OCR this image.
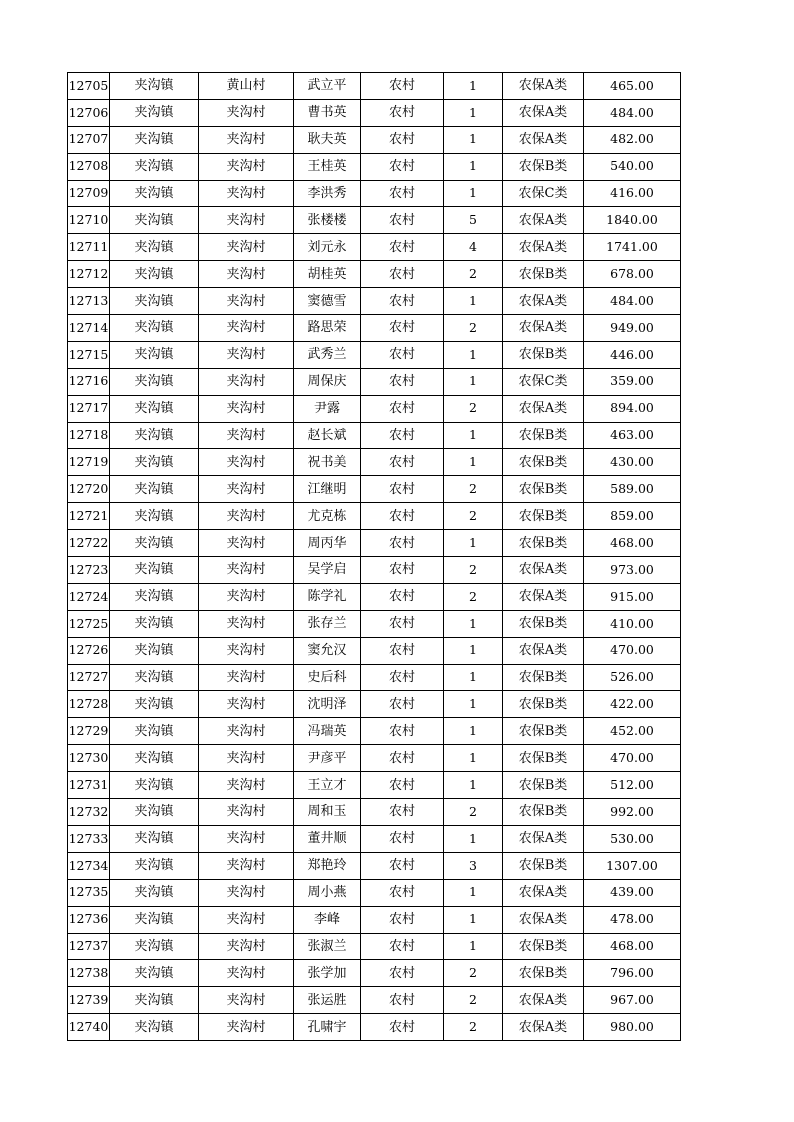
12705	夹沟镇	黄山村	武立平	农村	1	农保A类	465.00
12706	夹沟镇	夹沟村	曹书英	农村	1	农保A类	484.00
12707	夹沟镇	夹沟村	耿夫英	农村	1	农保A类	482.00
12708	夹沟镇	夹沟村	王桂英	农村	1	农保B类	540.00
12709	夹沟镇	夹沟村	李洪秀	农村	1	农保C类	416.00
12710	夹沟镇	夹沟村	张楼楼	农村	5	农保A类	1840.00
12711	夹沟镇	夹沟村	刘元永	农村	4	农保A类	1741.00
12712	夹沟镇	夹沟村	胡桂英	农村	2	农保B类	678.00
12713	夹沟镇	夹沟村	窦德雪	农村	1	农保A类	484.00
12714	夹沟镇	夹沟村	路思荣	农村	2	农保A类	949.00
12715	夹沟镇	夹沟村	武秀兰	农村	1	农保B类	446.00
12716	夹沟镇	夹沟村	周保庆	农村	1	农保C类	359.00
12717	夹沟镇	夹沟村	尹露	农村	2	农保A类	894.00
12718	夹沟镇	夹沟村	赵长斌	农村	1	农保B类	463.00
12719	夹沟镇	夹沟村	祝书美	农村	1	农保B类	430.00
12720	夹沟镇	夹沟村	江继明	农村	2	农保B类	589.00
12721	夹沟镇	夹沟村	尤克栋	农村	2	农保B类	859.00
12722	夹沟镇	夹沟村	周丙华	农村	1	农保B类	468.00
12723	夹沟镇	夹沟村	吴学启	农村	2	农保A类	973.00
12724	夹沟镇	夹沟村	陈学礼	农村	2	农保A类	915.00
12725	夹沟镇	夹沟村	张存兰	农村	1	农保B类	410.00
12726	夹沟镇	夹沟村	窦允汉	农村	1	农保A类	470.00
12727	夹沟镇	夹沟村	史后科	农村	1	农保B类	526.00
12728	夹沟镇	夹沟村	沈明泽	农村	1	农保B类	422.00
12729	夹沟镇	夹沟村	冯瑞英	农村	1	农保B类	452.00
12730	夹沟镇	夹沟村	尹彦平	农村	1	农保B类	470.00
12731	夹沟镇	夹沟村	王立才	农村	1	农保B类	512.00
12732	夹沟镇	夹沟村	周和玉	农村	2	农保B类	992.00
12733	夹沟镇	夹沟村	董井顺	农村	1	农保A类	530.00
12734	夹沟镇	夹沟村	郑艳玲	农村	3	农保B类	1307.00
12735	夹沟镇	夹沟村	周小燕	农村	1	农保A类	439.00
12736	夹沟镇	夹沟村	李峰	农村	1	农保A类	478.00
12737	夹沟镇	夹沟村	张淑兰	农村	1	农保B类	468.00
12738	夹沟镇	夹沟村	张学加	农村	2	农保B类	796.00
12739	夹沟镇	夹沟村	张运胜	农村	2	农保A类	967.00
12740	夹沟镇	夹沟村	孔啸宇	农村	2	农保A类	980.00
